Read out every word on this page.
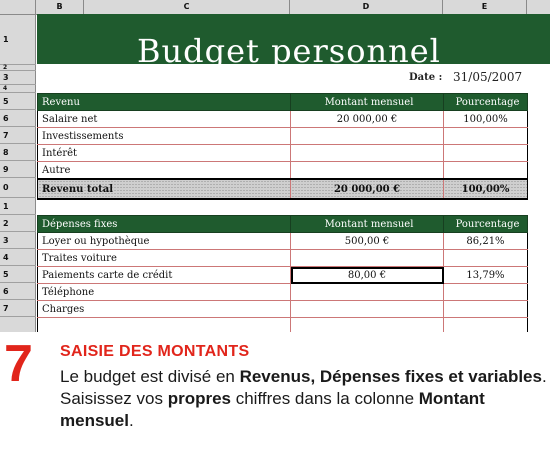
B	C	D	E
1
2
3
4
5
6
7
8
9
0
1
2
3
4
5
6
7
Budget personnel
Date : 31/05/2007
Revenu	Montant mensuel	Pourcentage
Salaire net	20 000,00 €	100,00%
Investissements		
Intérêt		
Autre		
Revenu total	20 000,00 €	100,00%
Dépenses fixes	Montant mensuel	Pourcentage
Loyer ou hypothèque	500,00 €	86,21%
Traites voiture		
Paiements carte de crédit	80,00 €	13,79%
Téléphone		
Charges		

7 SAISIE DES MONTANTS
Le budget est divisé en Revenus, Dépenses fixes et variables. Saisissez vos propres chiffres dans la colonne Montant mensuel.
